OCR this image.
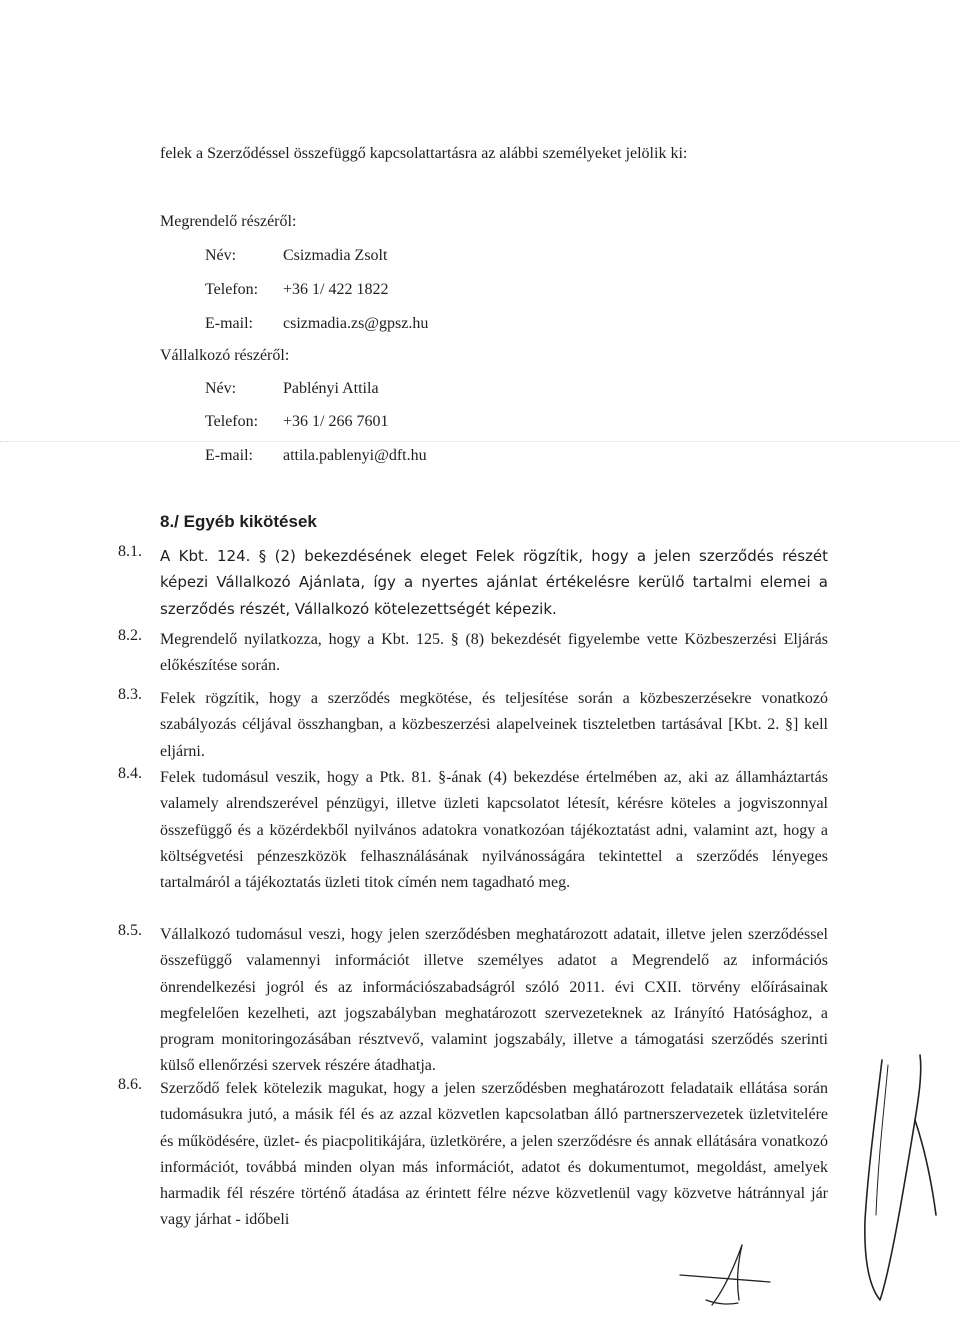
felek a Szerződéssel összefüggő kapcsolattartásra az alábbi személyeket jelölik ki:
Megrendelő részéről:
Név:	Csizmadia Zsolt
Telefon: +36 1/ 422 1822
E-mail: csizmadia.zs@gpsz.hu
Vállalkozó részéről:
Név:	Pablényi Attila
Telefon: +36 1/ 266 7601
E-mail: attila.pablenyi@dft.hu
8./ Egyéb kikötések
8.1.	A Kbt. 124. § (2) bekezdésének eleget Felek rögzítik, hogy a jelen szerződés részét képezi Vállalkozó Ajánlata, így a nyertes ajánlat értékelésre kerülő tartalmi elemei a szerződés részét, Vállalkozó kötelezettségét képezik.
8.2.	Megrendelő nyilatkozza, hogy a Kbt. 125. § (8) bekezdését figyelembe vette Közbeszerzési Eljárás előkészítése során.
8.3.	Felek rögzítik, hogy a szerződés megkötése, és teljesítése során a közbeszerzésekre vonatkozó szabályozás céljával összhangban, a közbeszerzési alapelveinek tiszteletben tartásával [Kbt. 2. §] kell eljárni.
8.4.	Felek tudomásul veszik, hogy a Ptk. 81. §-ának (4) bekezdése értelmében az, aki az államháztartás valamely alrendszerével pénzügyi, illetve üzleti kapcsolatot létesít, kérésre köteles a jogviszonnyal összefüggő és a közérdekből nyilvános adatokra vonatkozóan tájékoztatást adni, valamint azt, hogy a költségvetési pénzeszközök felhasználásának nyilvánosságára tekintettel a szerződés lényeges tartalmáról a tájékoztatás üzleti titok címén nem tagadható meg.
8.5.	Vállalkozó tudomásul veszi, hogy jelen szerződésben meghatározott adatait, illetve jelen szerződéssel összefüggő valamennyi információt illetve személyes adatot a Megrendelő az információs önrendelkezési jogról és az információszabadságról szóló 2011. évi CXII. törvény előírásainak megfelelően kezelheti, azt jogszabályban meghatározott szervezeteknek az Irányító Hatósághoz, a program monitoringozásában résztvevő, valamint jogszabály, illetve a támogatási szerződés szerinti külső ellenőrzési szervek részére átadhatja.
8.6.	Szerződő felek kötelezik magukat, hogy a jelen szerződésben meghatározott feladataik ellátása során tudomásukra jutó, a másik fél és az azzal közvetlen kapcsolatban álló partnerszervezetek üzletvitelére és működésére, üzlet- és piacpolitikájára, üzletkörére, a jelen szerződésre és annak ellátására vonatkozó információt, továbbá minden olyan más információt, adatot és dokumentumot, megoldást, amelyek harmadik fél részére történő átadása az érintett félre nézve közvetlenül vagy közvetve hátránnyal jár vagy járhat - időbeli
